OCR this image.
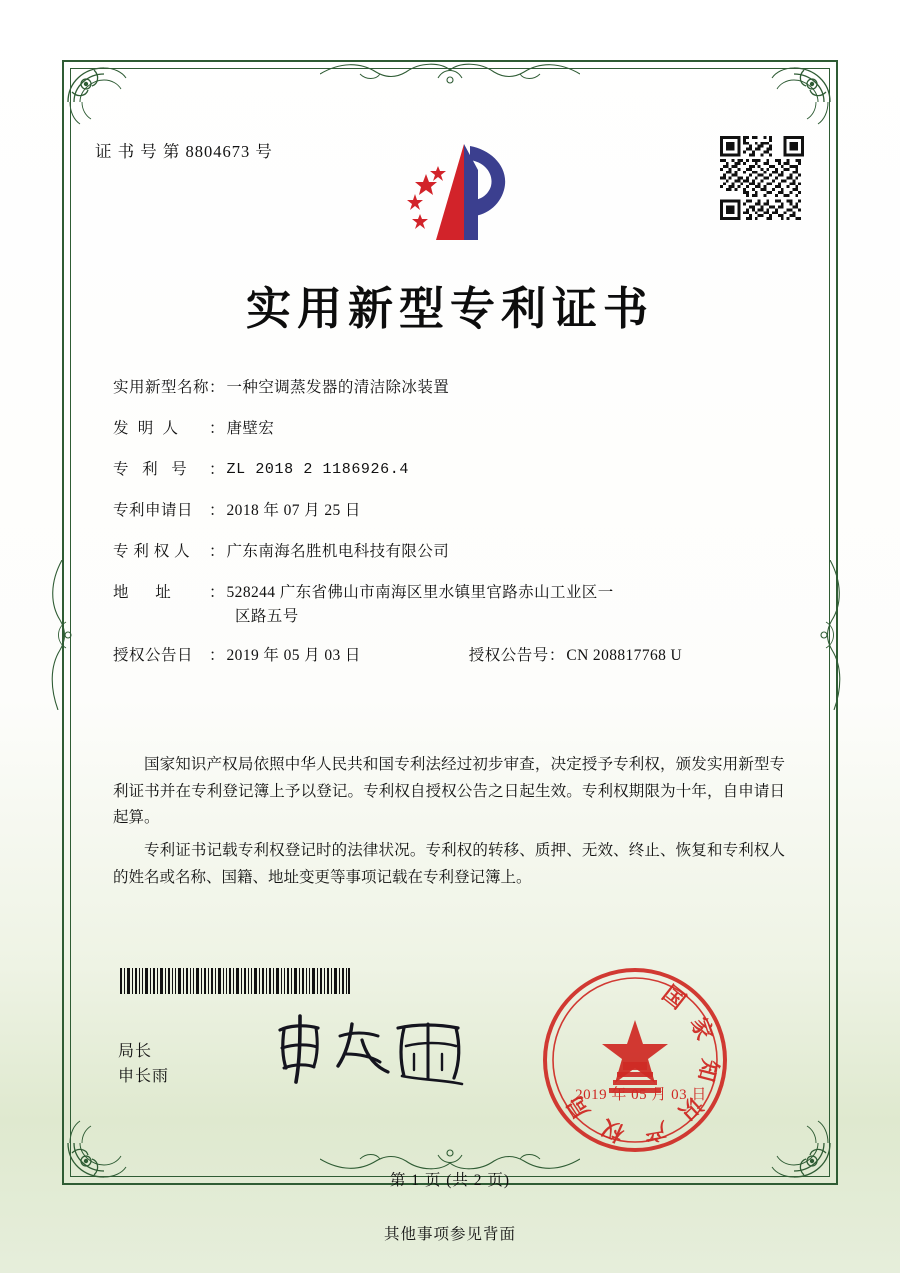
证 书 号 第 8804673 号
实用新型专利证书
实用新型名称 ： 一种空调蒸发器的清洁除冰装置
发  明  人	： 唐壁宏
专   利   号	： ZL 2018 2 1186926.4
专利申请日	： 2018 年 07 月 25 日
专 利 权 人	： 广东南海名胜机电科技有限公司
地      址	： 528244 广东省佛山市南海区里水镇里官路赤山工业区一
区路五号
授权公告日	： 2019 年 05 月 03 日	授权公告号 ： CN 208817768 U

国家知识产权局依照中华人民共和国专利法经过初步审查，决定授予专利权，颁发实用新型专利证书并在专利登记簿上予以登记。专利权自授权公告之日起生效。专利权期限为十年，自申请日起算。

专利证书记载专利权登记时的法律状况。专利权的转移、质押、无效、终止、恢复和专利权人的姓名或名称、国籍、地址变更等事项记载在专利登记簿上。

局长
申长雨
国家知识产权局
2019 年 05 月 03 日
第 1 页 (共 2 页)
其他事项参见背面
